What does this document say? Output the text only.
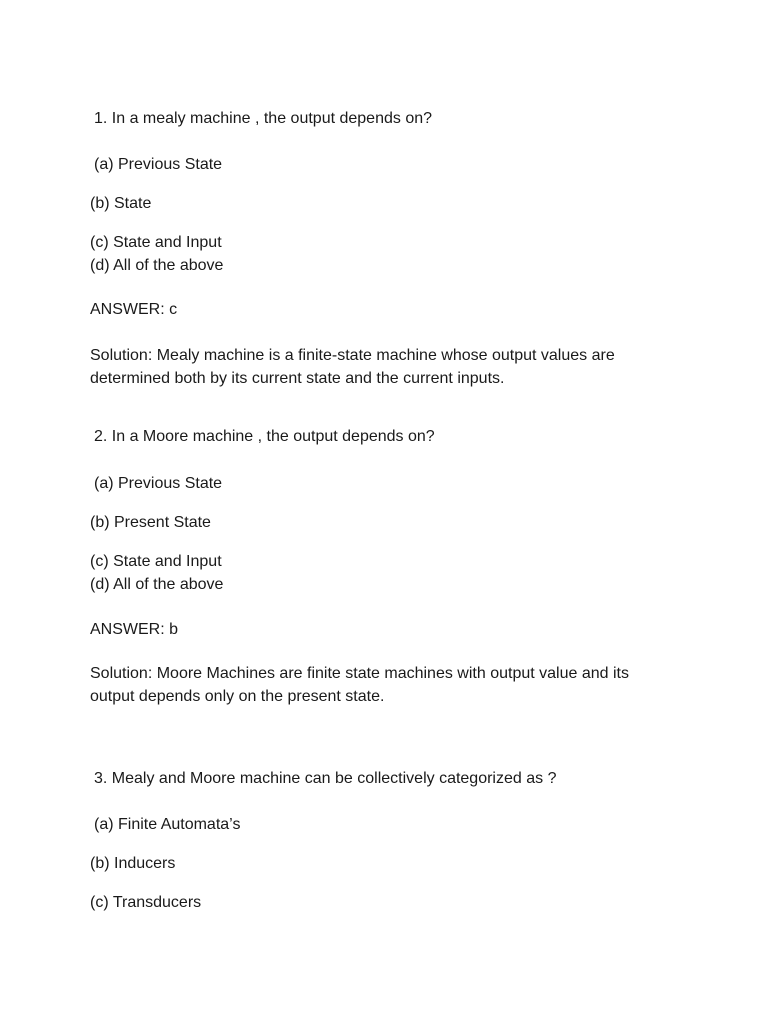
1. In a mealy machine , the output depends on?
(a) Previous State
(b) State
(c) State and Input
(d) All of the above
ANSWER: c
Solution: Mealy machine is a finite-state machine whose output values are determined both by its current state and the current inputs.
2. In a Moore machine , the output depends on?
(a) Previous State
(b) Present State
(c) State and Input
(d) All of the above
ANSWER: b
Solution: Moore Machines are finite state machines with output value and its output depends only on the present state.
3. Mealy and Moore machine can be collectively categorized as ?
(a) Finite Automata’s
(b) Inducers
(c) Transducers
